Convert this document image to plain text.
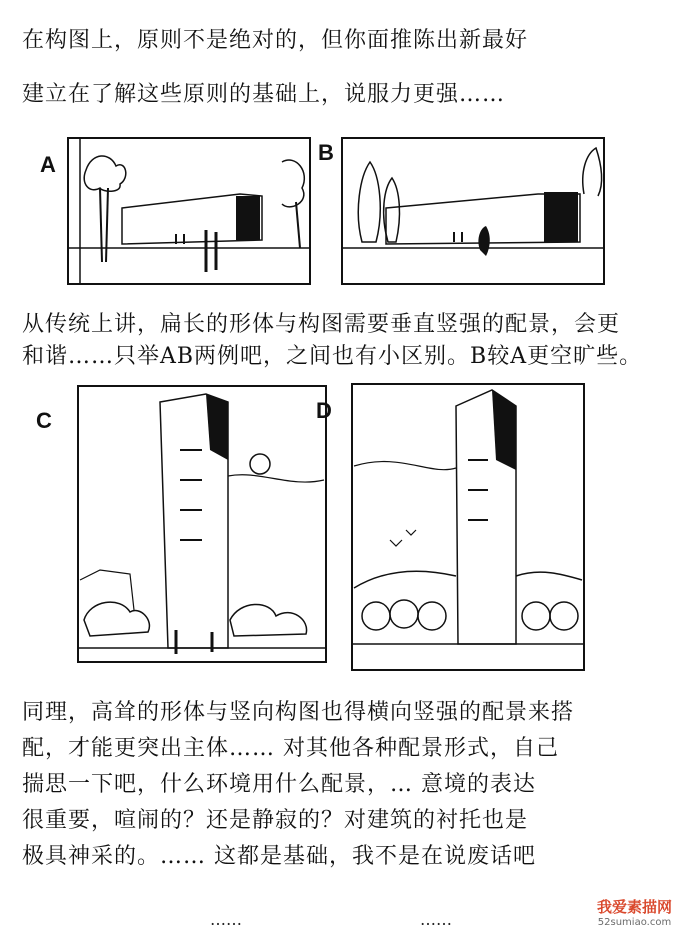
在构图上，原则不是绝对的，但你面推陈出新最好
建立在了解这些原则的基础上，说服力更强……
A	B
从传统上讲，扁长的形体与构图需要垂直竖强的配景，会更
和谐……只举AB两例吧，之间也有小区别。B较A更空旷些。
C	D
同理，高耸的形体与竖向构图也得横向竖强的配景来搭
配，才能更突出主体…… 对其他各种配景形式，自己
揣思一下吧，什么环境用什么配景，… 意境的表达
很重要，喧闹的？还是静寂的？对建筑的衬托也是
极具神采的。…… 这都是基础，我不是在说废话吧
……	……
我爱素描网
52sumiao.com
